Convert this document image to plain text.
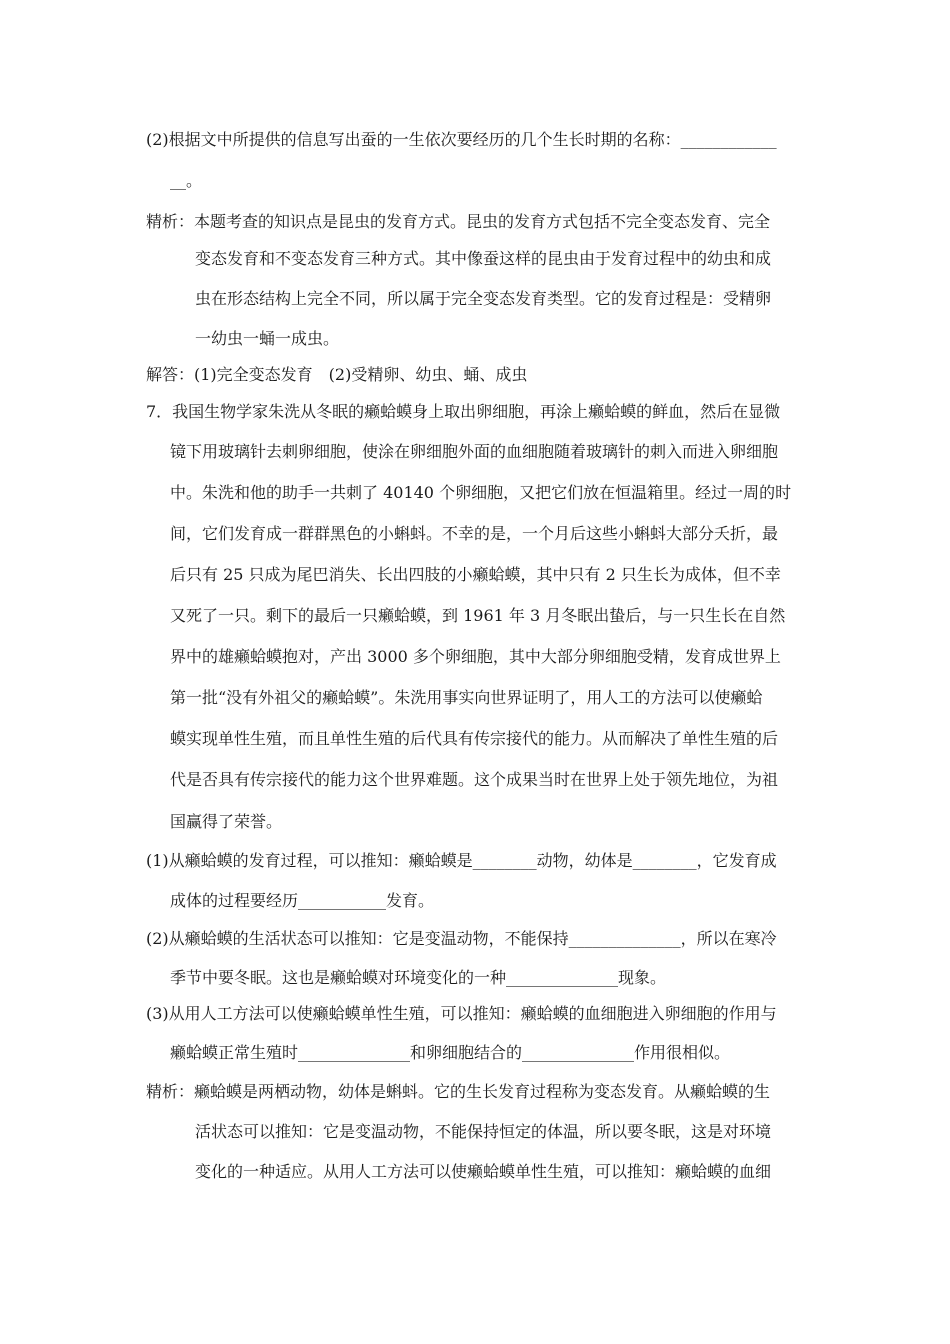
(2)根据文中所提供的信息写出蚕的一生依次要经历的几个生长时期的名称：____________
__。
精析：本题考查的知识点是昆虫的发育方式。昆虫的发育方式包括不完全变态发育、完全
变态发育和不变态发育三种方式。其中像蚕这样的昆虫由于发育过程中的幼虫和成
虫在形态结构上完全不同，所以属于完全变态发育类型。它的发育过程是：受精卵
一幼虫一蛹一成虫。
解答：(1)完全变态发育　(2)受精卵、幼虫、蛹、成虫
7．我国生物学家朱洗从冬眠的癞蛤蟆身上取出卵细胞，再涂上癞蛤蟆的鲜血，然后在显微
镜下用玻璃针去刺卵细胞，使涂在卵细胞外面的血细胞随着玻璃针的刺入而进入卵细胞
中。朱洗和他的助手一共刺了 40140 个卵细胞，又把它们放在恒温箱里。经过一周的时
间，它们发育成一群群黑色的小蝌蚪。不幸的是，一个月后这些小蝌蚪大部分夭折，最
后只有 25 只成为尾巴消失、长出四肢的小癞蛤蟆，其中只有 2 只生长为成体，但不幸
又死了一只。剩下的最后一只癞蛤蟆，到 1961 年 3 月冬眠出蛰后，与一只生长在自然
界中的雄癞蛤蟆抱对，产出 3000 多个卵细胞，其中大部分卵细胞受精，发育成世界上
第一批“没有外祖父的癞蛤蟆”。朱洗用事实向世界证明了，用人工的方法可以使癞蛤
蟆实现单性生殖，而且单性生殖的后代具有传宗接代的能力。从而解决了单性生殖的后
代是否具有传宗接代的能力这个世界难题。这个成果当时在世界上处于领先地位，为祖
国赢得了荣誉。
(1)从癞蛤蟆的发育过程，可以推知：癞蛤蟆是________动物，幼体是________，它发育成
成体的过程要经历___________发育。
(2)从癞蛤蟆的生活状态可以推知：它是变温动物，不能保持______________，所以在寒冷
季节中要冬眠。这也是癞蛤蟆对环境变化的一种______________现象。
(3)从用人工方法可以使癞蛤蟆单性生殖，可以推知：癞蛤蟆的血细胞进入卵细胞的作用与
癞蛤蟆正常生殖时______________和卵细胞结合的______________作用很相似。
精析：癞蛤蟆是两栖动物，幼体是蝌蚪。它的生长发育过程称为变态发育。从癞蛤蟆的生
活状态可以推知：它是变温动物，不能保持恒定的体温，所以要冬眠，这是对环境
变化的一种适应。从用人工方法可以使癞蛤蟆单性生殖，可以推知：癞蛤蟆的血细
